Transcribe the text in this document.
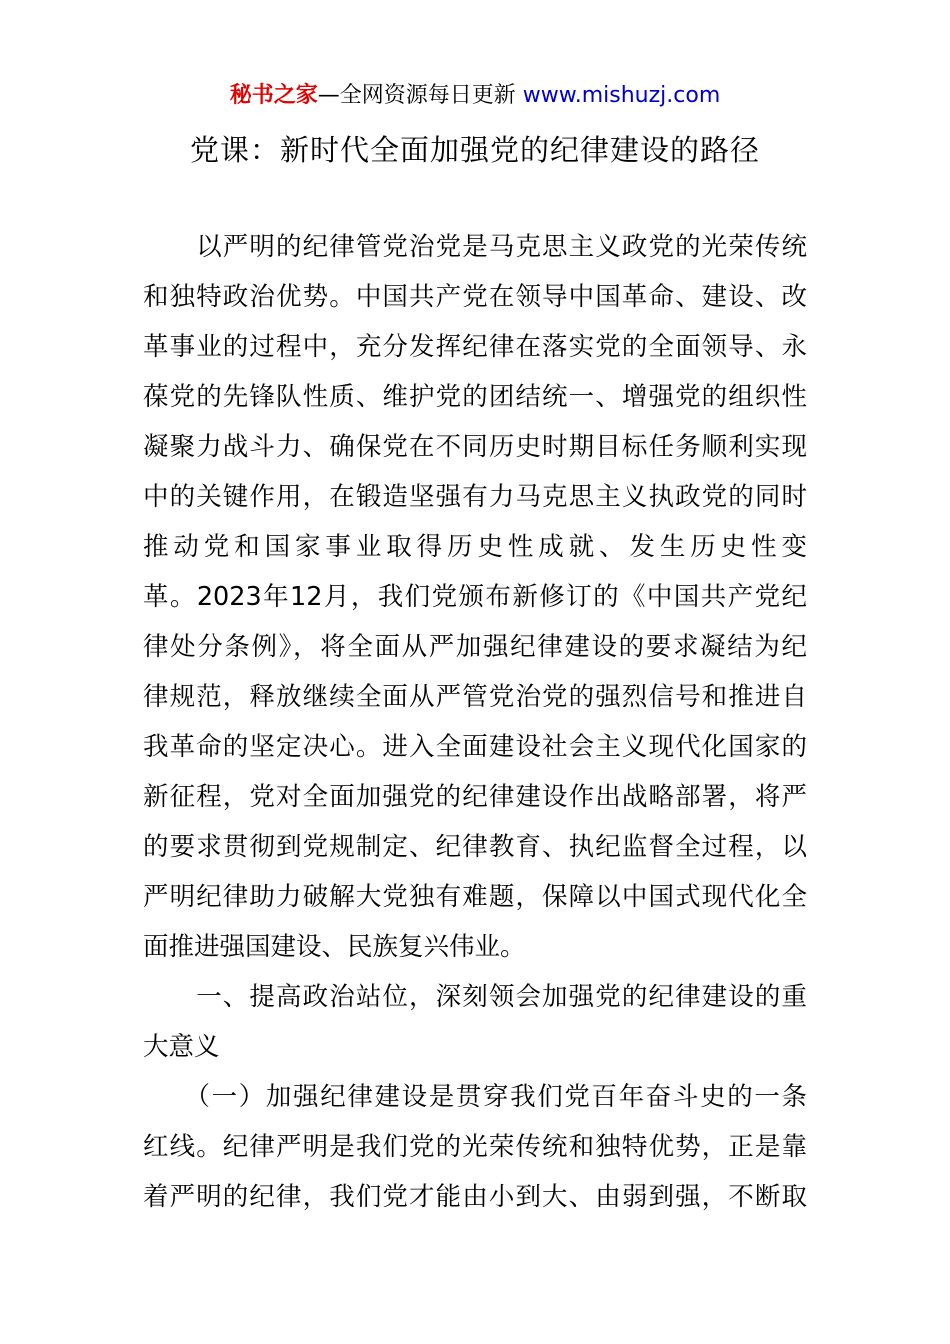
秘书之家—全网资源每日更新 www.mishuzj.com
党课：新时代全面加强党的纪律建设的路径
　　以严明的纪律管党治党是马克思主义政党的光荣传统
和独特政治优势。中国共产党在领导中国革命、建设、改
革事业的过程中，充分发挥纪律在落实党的全面领导、永
葆党的先锋队性质、维护党的团结统一、增强党的组织性
凝聚力战斗力、确保党在不同历史时期目标任务顺利实现
中的关键作用，在锻造坚强有力马克思主义执政党的同时
推动党和国家事业取得历史性成就、发生历史性变
革。2023年12月，我们党颁布新修订的《中国共产党纪
律处分条例》，将全面从严加强纪律建设的要求凝结为纪
律规范，释放继续全面从严管党治党的强烈信号和推进自
我革命的坚定决心。进入全面建设社会主义现代化国家的
新征程，党对全面加强党的纪律建设作出战略部署，将严
的要求贯彻到党规制定、纪律教育、执纪监督全过程，以
严明纪律助力破解大党独有难题，保障以中国式现代化全
面推进强国建设、民族复兴伟业。
　　一、提高政治站位，深刻领会加强党的纪律建设的重
大意义
　　（一）加强纪律建设是贯穿我们党百年奋斗史的一条
红线。纪律严明是我们党的光荣传统和独特优势，正是靠
着严明的纪律，我们党才能由小到大、由弱到强，不断取
